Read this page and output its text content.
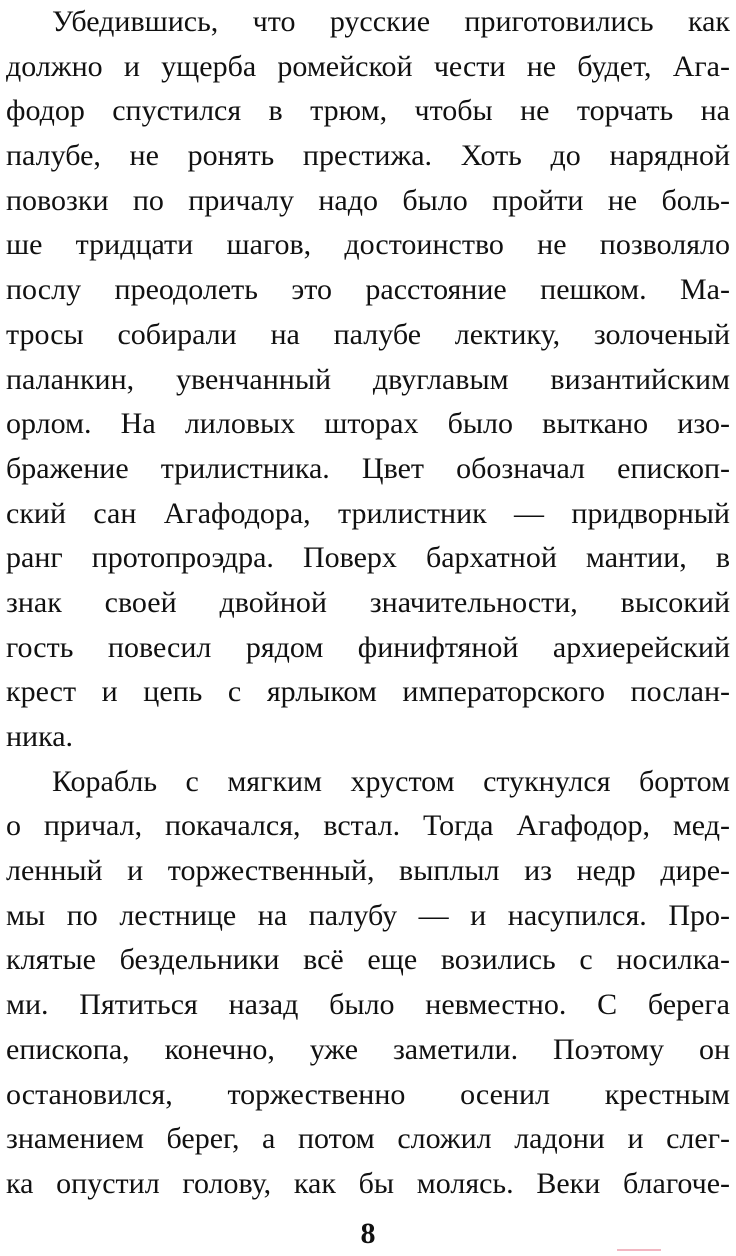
Убедившись, что русские приготовились как
должно и ущерба ромейской чести не будет, Ага-
фодор спустился в трюм, чтобы не торчать на
палубе, не ронять престижа. Хоть до нарядной
повозки по причалу надо было пройти не боль-
ше тридцати шагов, достоинство не позволяло
послу преодолеть это расстояние пешком. Ма-
тросы собирали на палубе лектику, золоченый
паланкин, увенчанный двуглавым византийским
орлом. На лиловых шторах было выткано изо-
бражение трилистника. Цвет обозначал епископ-
ский сан Агафодора, трилистник — придворный
ранг протопроэдра. Поверх бархатной мантии, в
знак своей двойной значительности, высокий
гость повесил рядом финифтяной архиерейский
крест и цепь с ярлыком императорского послан-
ника.
Корабль с мягким хрустом стукнулся бортом
о причал, покачался, встал. Тогда Агафодор, мед-
ленный и торжественный, выплыл из недр дире-
мы по лестнице на палубу — и насупился. Про-
клятые бездельники всё еще возились с носилка-
ми. Пятиться назад было невместно. С берега
епископа, конечно, уже заметили. Поэтому он
остановился, торжественно осенил крестным
знамением берег, а потом сложил ладони и слег-
ка опустил голову, как бы молясь. Веки благоче-
8
